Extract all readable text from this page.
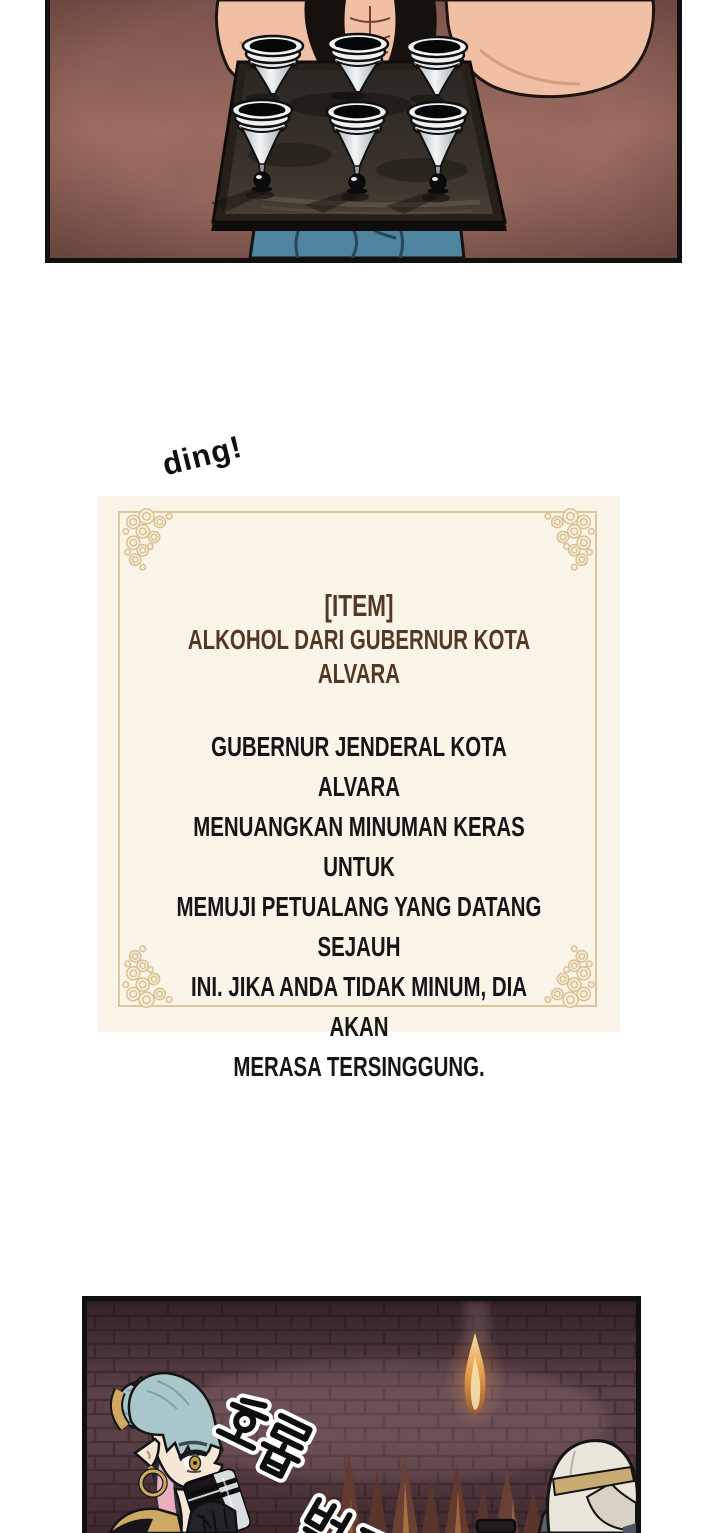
ding!
[ITEM]
ALKOHOL DARI GUBERNUR KOTA ALVARA
GUBERNUR JENDERAL KOTA ALVARA
MENUANGKAN MINUMAN KERAS UNTUK
MEMUJI PETUALANG YANG DATANG SEJAUH
INI. JIKA ANDA TIDAK MINUM, DIA AKAN
MERASA TERSINGGUNG.
